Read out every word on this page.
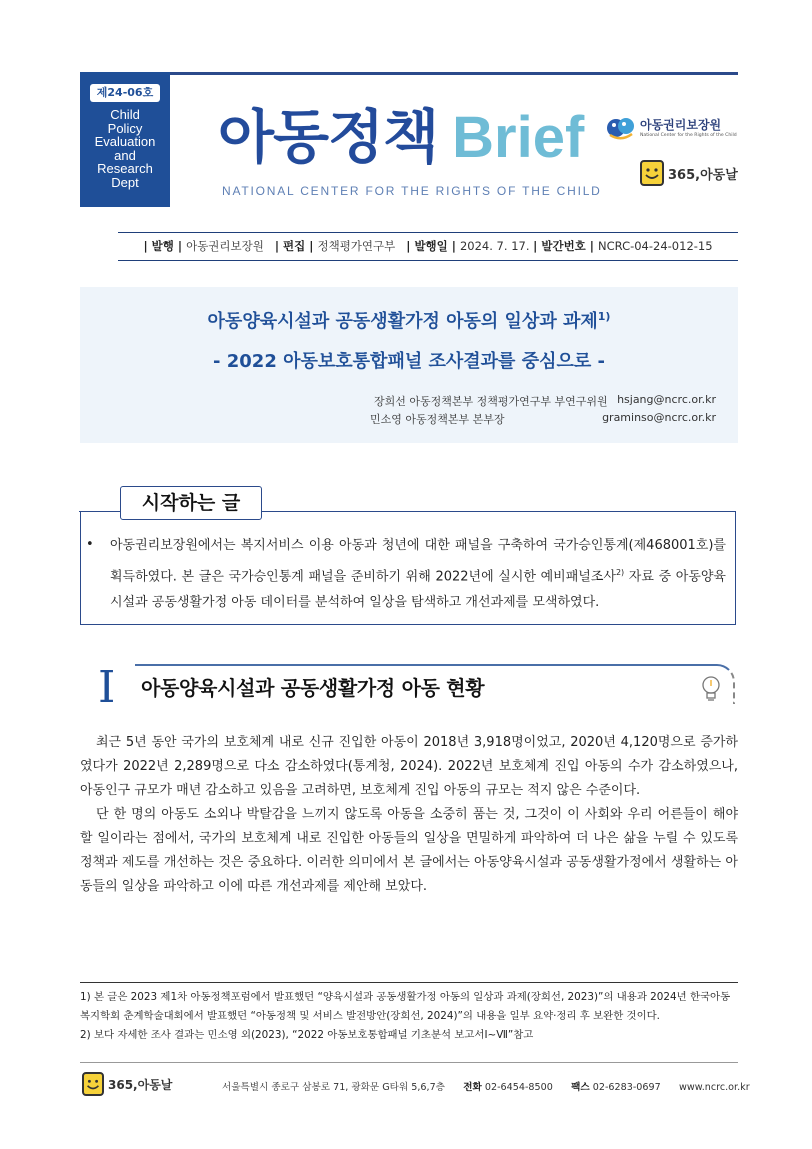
제24-06호
Child
Policy
Evaluation
and
Research
Dept
아동정책 Brief
NATIONAL CENTER FOR THE RIGHTS OF THE CHILD
아동권리보장원
National Center for the Rights of the Child
365,아동날
| 발행 | 아동권리보장원 | 편집 | 정책평가연구부 | 발행일 | 2024. 7. 17. | 발간번호 | NCRC-04-24-012-15
아동양육시설과 공동생활가정 아동의 일상과 과제$^{1)}$
- 2022 아동보호통합패널 조사결과를 중심으로 -
장희선 아동정책본부 정책평가연구부 부연구위원 hsjang@ncrc.or.kr
민소영 아동정책본부 본부장	graminso@ncrc.or.kr
시작하는 글
• 아동권리보장원에서는 복지서비스 이용 아동과 청년에 대한 패널을 구축하여 국가승인통계(제468001호)를 획득하였다. 본 글은 국가승인통계 패널을 준비하기 위해 2022년에 실시한 예비패널조사$^{2)}$ 자료 중 아동양육시설과 공동생활가정 아동 데이터를 분석하여 일상을 탐색하고 개선과제를 모색하였다.
I 아동양육시설과 공동생활가정 아동 현황

최근 5년 동안 국가의 보호체계 내로 신규 진입한 아동이 2018년 3,918명이었고, 2020년 4,120명으로 증가하였다가 2022년 2,289명으로 다소 감소하였다(통계청, 2024). 2022년 보호체계 진입 아동의 수가 감소하였으나, 아동인구 규모가 매년 감소하고 있음을 고려하면, 보호체계 진입 아동의 규모는 적지 않은 수준이다.

단 한 명의 아동도 소외나 박탈감을 느끼지 않도록 아동을 소중히 품는 것, 그것이 이 사회와 우리 어른들이 해야 할 일이라는 점에서, 국가의 보호체계 내로 진입한 아동들의 일상을 면밀하게 파악하여 더 나은 삶을 누릴 수 있도록 정책과 제도를 개선하는 것은 중요하다. 이러한 의미에서 본 글에서는 아동양육시설과 공동생활가정에서 생활하는 아동들의 일상을 파악하고 이에 따른 개선과제를 제안해 보았다.

1) 본 글은 2023 제1차 아동정책포럼에서 발표했던 “양육시설과 공동생활가정 아동의 일상과 과제(장희선, 2023)”의 내용과 2024년 한국아동복지학회 춘계학술대회에서 발표했던 “아동정책 및 서비스 발전방안(장희선, 2024)”의 내용을 일부 요약·정리 후 보완한 것이다.
2) 보다 자세한 조사 결과는 민소영 외(2023), “2022 아동보호통합패널 기초분석 보고서Ⅰ~Ⅶ”참고
365,아동날	서울특별시 종로구 삼봉로 71, 광화문 G타워 5,6,7층 전화 02-6454-8500 팩스 02-6283-0697 www.ncrc.or.kr
